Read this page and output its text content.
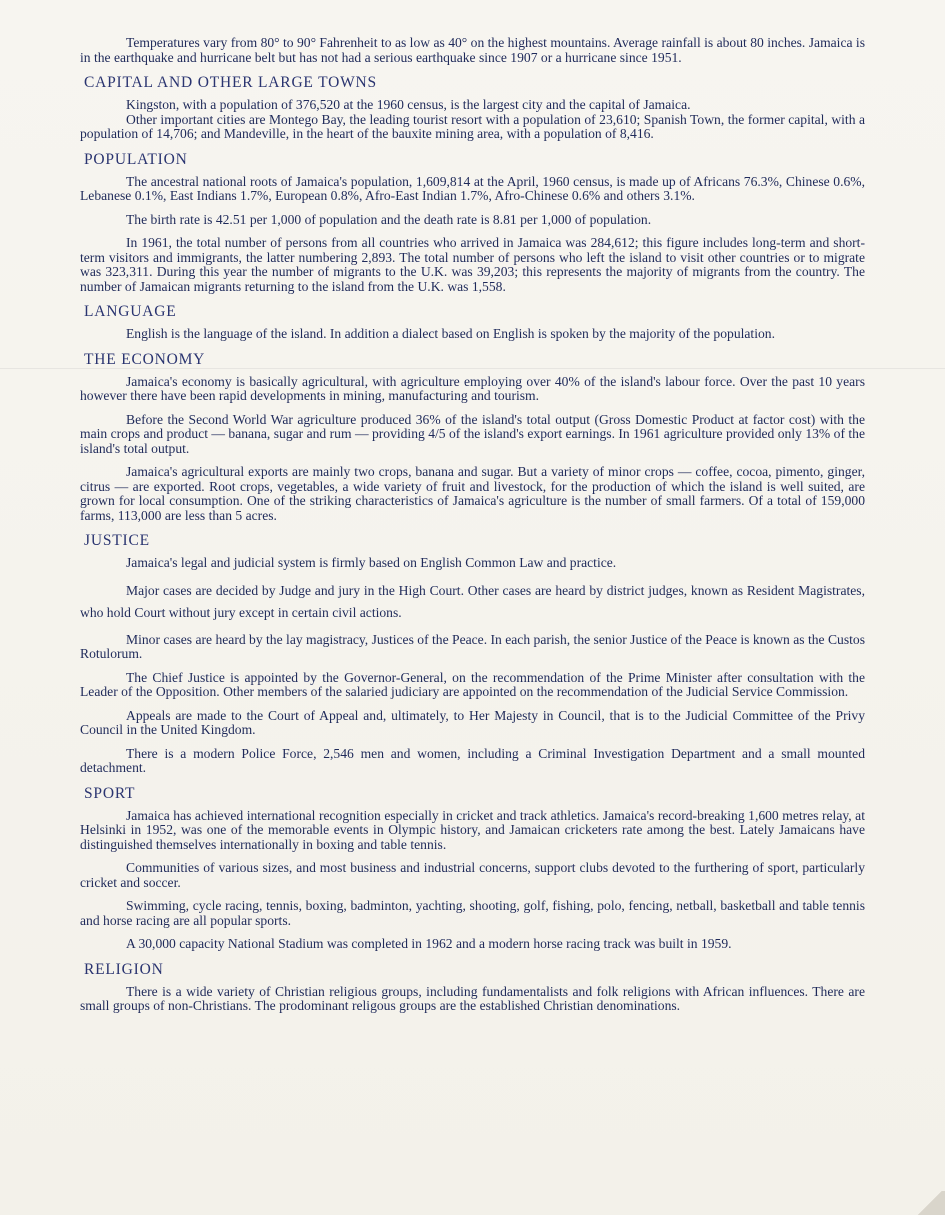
Temperatures vary from 80° to 90° Fahrenheit to as low as 40° on the highest mountains. Average rainfall is about 80 inches. Jamaica is in the earthquake and hurricane belt but has not had a serious earthquake since 1907 or a hurricane since 1951.

CAPITAL AND OTHER LARGE TOWNS

Kingston, with a population of 376,520 at the 1960 census, is the largest city and the capital of Jamaica.

Other important cities are Montego Bay, the leading tourist resort with a population of 23,610; Spanish Town, the former capital, with a population of 14,706; and Mandeville, in the heart of the bauxite mining area, with a population of 8,416.

POPULATION

The ancestral national roots of Jamaica's population, 1,609,814 at the April, 1960 census, is made up of Africans 76.3%, Chinese 0.6%, Lebanese 0.1%, East Indians 1.7%, European 0.8%, Afro-East Indian 1.7%, Afro-Chinese 0.6% and others 3.1%.

The birth rate is 42.51 per 1,000 of population and the death rate is 8.81 per 1,000 of population.

In 1961, the total number of persons from all countries who arrived in Jamaica was 284,612; this figure includes long-term and short-term visitors and immigrants, the latter numbering 2,893. The total number of persons who left the island to visit other countries or to migrate was 323,311. During this year the number of migrants to the U.K. was 39,203; this represents the majority of migrants from the country. The number of Jamaican migrants returning to the island from the U.K. was 1,558.

LANGUAGE

English is the language of the island. In addition a dialect based on English is spoken by the majority of the population.

THE ECONOMY

Jamaica's economy is basically agricultural, with agriculture employing over 40% of the island's labour force. Over the past 10 years however there have been rapid developments in mining, manufacturing and tourism.

Before the Second World War agriculture produced 36% of the island's total output (Gross Domestic Product at factor cost) with the main crops and product — banana, sugar and rum — providing 4/5 of the island's export earnings. In 1961 agriculture provided only 13% of the island's total output.

Jamaica's agricultural exports are mainly two crops, banana and sugar. But a variety of minor crops — coffee, cocoa, pimento, ginger, citrus — are exported. Root crops, vegetables, a wide variety of fruit and livestock, for the production of which the island is well suited, are grown for local consumption. One of the striking characteristics of Jamaica's agriculture is the number of small farmers. Of a total of 159,000 farms, 113,000 are less than 5 acres.

JUSTICE

Jamaica's legal and judicial system is firmly based on English Common Law and practice.

Major cases are decided by Judge and jury in the High Court. Other cases are heard by district judges, known as Resident Magistrates, who hold Court without jury except in certain civil actions.

Minor cases are heard by the lay magistracy, Justices of the Peace. In each parish, the senior Justice of the Peace is known as the Custos Rotulorum.

The Chief Justice is appointed by the Governor-General, on the recommendation of the Prime Minister after consultation with the Leader of the Opposition. Other members of the salaried judiciary are appointed on the recommendation of the Judicial Service Commission.

Appeals are made to the Court of Appeal and, ultimately, to Her Majesty in Council, that is to the Judicial Committee of the Privy Council in the United Kingdom.

There is a modern Police Force, 2,546 men and women, including a Criminal Investigation Department and a small mounted detachment.

SPORT

Jamaica has achieved international recognition especially in cricket and track athletics. Jamaica's record-breaking 1,600 metres relay, at Helsinki in 1952, was one of the memorable events in Olympic history, and Jamaican cricketers rate among the best. Lately Jamaicans have distinguished themselves internationally in boxing and table tennis.

Communities of various sizes, and most business and industrial concerns, support clubs devoted to the furthering of sport, particularly cricket and soccer.

Swimming, cycle racing, tennis, boxing, badminton, yachting, shooting, golf, fishing, polo, fencing, netball, basketball and table tennis and horse racing are all popular sports.

A 30,000 capacity National Stadium was completed in 1962 and a modern horse racing track was built in 1959.

RELIGION

There is a wide variety of Christian religious groups, including fundamentalists and folk religions with African influences. There are small groups of non-Christians. The prodominant religous groups are the established Christian denominations.
